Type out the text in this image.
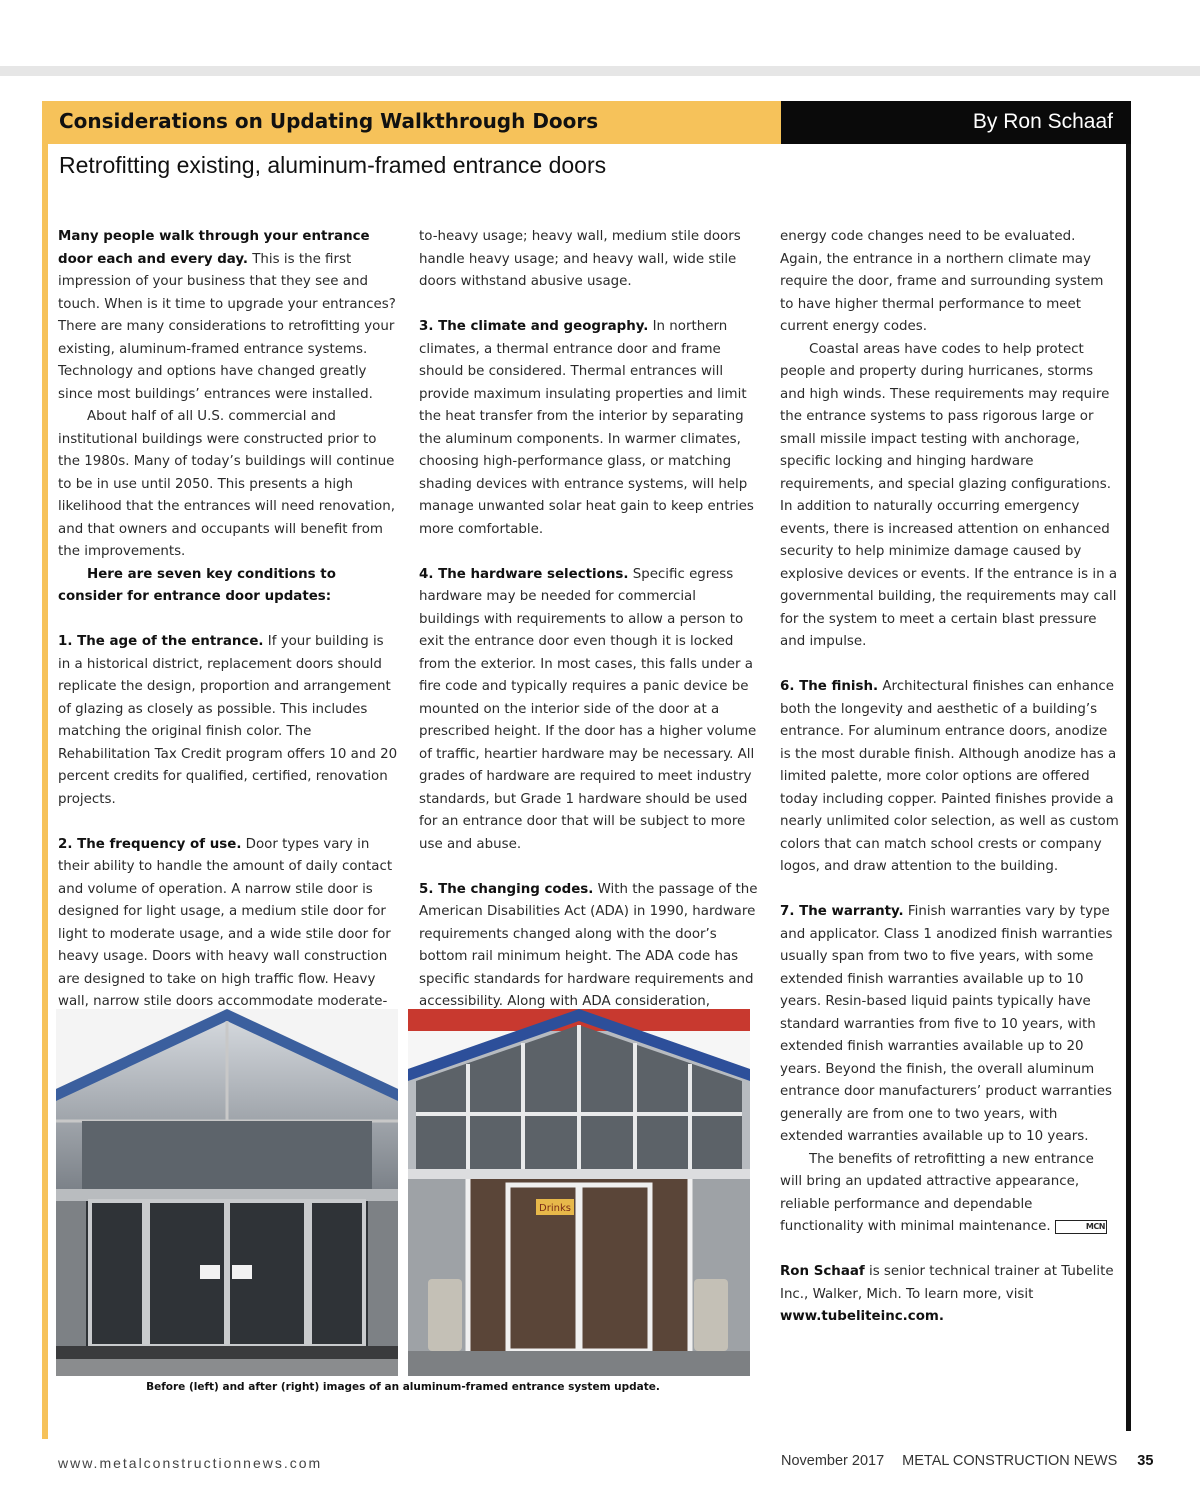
Considerations on Updating Walkthrough Doors	By Ron Schaaf
Retrofitting existing, aluminum-framed entrance doors

Many people walk through your entrance door each and every day. This is the first impression of your business that they see and touch. When is it time to upgrade your entrances? There are many considerations to retrofitting your existing, aluminum-framed entrance systems. Technology and options have changed greatly since most buildings’ entrances were installed.

About half of all U.S. commercial and institutional buildings were constructed prior to the 1980s. Many of today’s buildings will continue to be in use until 2050. This presents a high likelihood that the entrances will need renovation, and that owners and occupants will benefit from the improvements.

Here are seven key conditions to consider for entrance door updates:

1. The age of the entrance. If your building is in a historical district, replacement doors should replicate the design, proportion and arrangement of glazing as closely as possible. This includes matching the original finish color. The Rehabilitation Tax Credit program offers 10 and 20 percent credits for qualified, certified, renovation projects.

2. The frequency of use. Door types vary in their ability to handle the amount of daily contact and volume of operation. A narrow stile door is designed for light usage, a medium stile door for light to moderate usage, and a wide stile door for heavy usage. Doors with heavy wall construction are designed to take on high traffic flow. Heavy wall, narrow stile doors accommodate moderate-

to-heavy usage; heavy wall, medium stile doors handle heavy usage; and heavy wall, wide stile doors withstand abusive usage.

3. The climate and geography. In northern climates, a thermal entrance door and frame should be considered. Thermal entrances will provide maximum insulating properties and limit the heat transfer from the interior by separating the aluminum components. In warmer climates, choosing high-performance glass, or matching shading devices with entrance systems, will help manage unwanted solar heat gain to keep entries more comfortable.

4. The hardware selections. Specific egress hardware may be needed for commercial buildings with requirements to allow a person to exit the entrance door even though it is locked from the exterior. In most cases, this falls under a fire code and typically requires a panic device be mounted on the interior side of the door at a prescribed height. If the door has a higher volume of traffic, heartier hardware may be necessary. All grades of hardware are required to meet industry standards, but Grade 1 hardware should be used for an entrance door that will be subject to more use and abuse.

5. The changing codes. With the passage of the American Disabilities Act (ADA) in 1990, hardware requirements changed along with the door’s bottom rail minimum height. The ADA code has specific standards for hardware requirements and accessibility. Along with ADA consideration,

energy code changes need to be evaluated. Again, the entrance in a northern climate may require the door, frame and surrounding system to have higher thermal performance to meet current energy codes.

Coastal areas have codes to help protect people and property during hurricanes, storms and high winds. These requirements may require the entrance systems to pass rigorous large or small missile impact testing with anchorage, specific locking and hinging hardware requirements, and special glazing configurations. In addition to naturally occurring emergency events, there is increased attention on enhanced security to help minimize damage caused by explosive devices or events. If the entrance is in a governmental building, the requirements may call for the system to meet a certain blast pressure and impulse.

6. The finish. Architectural finishes can enhance both the longevity and aesthetic of a building’s entrance. For aluminum entrance doors, anodize is the most durable finish. Although anodize has a limited palette, more color options are offered today including copper. Painted finishes provide a nearly unlimited color selection, as well as custom colors that can match school crests or company logos, and draw attention to the building.

7. The warranty. Finish warranties vary by type and applicator. Class 1 anodized finish warranties usually span from two to five years, with some extended finish warranties available up to 10 years. Resin-based liquid paints typically have standard warranties from five to 10 years, with extended finish warranties available up to 20 years. Beyond the finish, the overall aluminum entrance door manufacturers’ product warranties generally are from one to two years, with extended warranties available up to 10 years.

The benefits of retrofitting a new entrance will bring an updated attractive appearance, reliable performance and dependable functionality with minimal maintenance.	MCN

Ron Schaaf is senior technical trainer at Tubelite Inc., Walker, Mich. To learn more, visit www.tubeliteinc.com.

Drinks
Before (left) and after (right) images of an aluminum-framed entrance system update.
www.metalconstructionnews.com	November 2017 METAL CONSTRUCTION NEWS 35
